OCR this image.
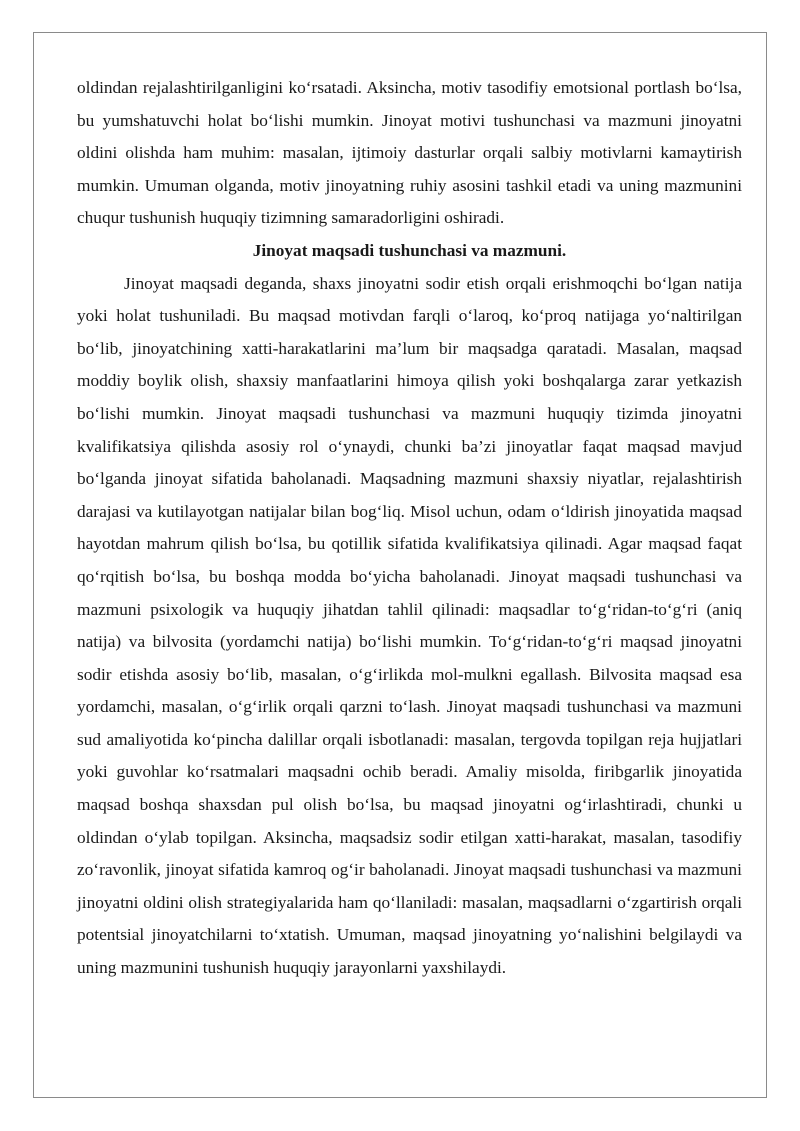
oldindan rejalashtirilganligini ko‘rsatadi. Aksincha, motiv tasodifiy emotsional portlash bo‘lsa, bu yumshatuvchi holat bo‘lishi mumkin. Jinoyat motivi tushunchasi va mazmuni jinoyatni oldini olishda ham muhim: masalan, ijtimoiy dasturlar orqali salbiy motivlarni kamaytirish mumkin. Umuman olganda, motiv jinoyatning ruhiy asosini tashkil etadi va uning mazmunini chuqur tushunish huquqiy tizimning samaradorligini oshiradi.

Jinoyat maqsadi tushunchasi va mazmuni.

Jinoyat maqsadi deganda, shaxs jinoyatni sodir etish orqali erishmoqchi bo‘lgan natija yoki holat tushuniladi. Bu maqsad motivdan farqli o‘laroq, ko‘proq natijaga yo‘naltirilgan bo‘lib, jinoyatchining xatti-harakatlarini ma’lum bir maqsadga qaratadi. Masalan, maqsad moddiy boylik olish, shaxsiy manfaatlarini himoya qilish yoki boshqalarga zarar yetkazish bo‘lishi mumkin. Jinoyat maqsadi tushunchasi va mazmuni huquqiy tizimda jinoyatni kvalifikatsiya qilishda asosiy rol o‘ynaydi, chunki ba’zi jinoyatlar faqat maqsad mavjud bo‘lganda jinoyat sifatida baholanadi. Maqsadning mazmuni shaxsiy niyatlar, rejalashtirish darajasi va kutilayotgan natijalar bilan bog‘liq. Misol uchun, odam o‘ldirish jinoyatida maqsad hayotdan mahrum qilish bo‘lsa, bu qotillik sifatida kvalifikatsiya qilinadi. Agar maqsad faqat qo‘rqitish bo‘lsa, bu boshqa modda bo‘yicha baholanadi. Jinoyat maqsadi tushunchasi va mazmuni psixologik va huquqiy jihatdan tahlil qilinadi: maqsadlar to‘g‘ridan-to‘g‘ri (aniq natija) va bilvosita (yordamchi natija) bo‘lishi mumkin. To‘g‘ridan-to‘g‘ri maqsad jinoyatni sodir etishda asosiy bo‘lib, masalan, o‘g‘irlikda mol-mulkni egallash. Bilvosita maqsad esa yordamchi, masalan, o‘g‘irlik orqali qarzni to‘lash. Jinoyat maqsadi tushunchasi va mazmuni sud amaliyotida ko‘pincha dalillar orqali isbotlanadi: masalan, tergovda topilgan reja hujjatlari yoki guvohlar ko‘rsatmalari maqsadni ochib beradi. Amaliy misolda, firibgarlik jinoyatida maqsad boshqa shaxsdan pul olish bo‘lsa, bu maqsad jinoyatni og‘irlashtiradi, chunki u oldindan o‘ylab topilgan. Aksincha, maqsadsiz sodir etilgan xatti-harakat, masalan, tasodifiy zo‘ravonlik, jinoyat sifatida kamroq og‘ir baholanadi. Jinoyat maqsadi tushunchasi va mazmuni jinoyatni oldini olish strategiyalarida ham qo‘llaniladi: masalan, maqsadlarni o‘zgartirish orqali potentsial jinoyatchilarni to‘xtatish. Umuman, maqsad jinoyatning yo‘nalishini belgilaydi va uning mazmunini tushunish huquqiy jarayonlarni yaxshilaydi.
